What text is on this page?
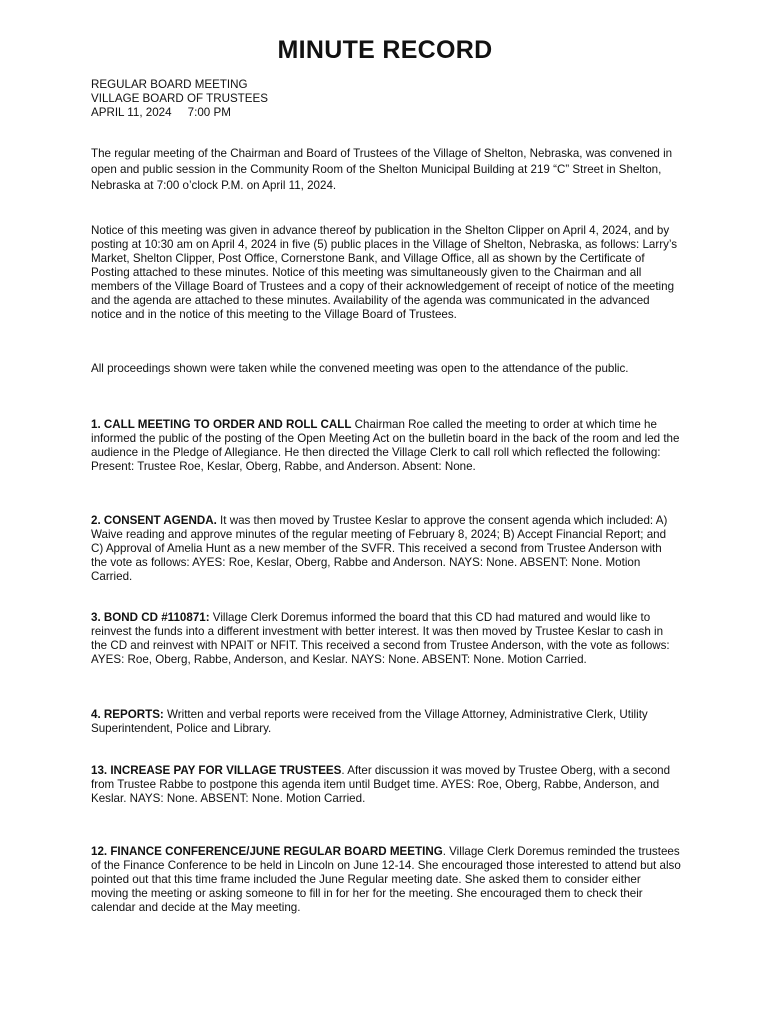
MINUTE RECORD
REGULAR BOARD MEETING
VILLAGE BOARD OF TRUSTEES
APRIL 11, 2024     7:00 PM
The regular meeting of the Chairman and Board of Trustees of the Village of Shelton, Nebraska, was convened in open and public session in the Community Room of the Shelton Municipal Building at 219 “C” Street in Shelton, Nebraska at 7:00 o’clock P.M. on April 11, 2024.
Notice of this meeting was given in advance thereof by publication in the Shelton Clipper on April 4, 2024, and by posting at 10:30 am on April 4, 2024 in five (5) public places in the Village of Shelton, Nebraska, as follows: Larry’s Market, Shelton Clipper, Post Office, Cornerstone Bank, and Village Office, all as shown by the Certificate of Posting attached to these minutes. Notice of this meeting was simultaneously given to the Chairman and all members of the Village Board of Trustees and a copy of their acknowledgement of receipt of notice of the meeting and the agenda are attached to these minutes. Availability of the agenda was communicated in the advanced notice and in the notice of this meeting to the Village Board of Trustees.
All proceedings shown were taken while the convened meeting was open to the attendance of the public.
1. CALL MEETING TO ORDER AND ROLL CALL Chairman Roe called the meeting to order at which time he informed the public of the posting of the Open Meeting Act on the bulletin board in the back of the room and led the audience in the Pledge of Allegiance. He then directed the Village Clerk to call roll which reflected the following: Present: Trustee Roe, Keslar, Oberg, Rabbe, and Anderson. Absent: None.
2. CONSENT AGENDA. It was then moved by Trustee Keslar to approve the consent agenda which included: A) Waive reading and approve minutes of the regular meeting of February 8, 2024; B) Accept Financial Report; and C) Approval of Amelia Hunt as a new member of the SVFR. This received a second from Trustee Anderson with the vote as follows: AYES: Roe, Keslar, Oberg, Rabbe and Anderson. NAYS: None. ABSENT: None. Motion Carried.
3. BOND CD #110871: Village Clerk Doremus informed the board that this CD had matured and would like to reinvest the funds into a different investment with better interest. It was then moved by Trustee Keslar to cash in the CD and reinvest with NPAIT or NFIT. This received a second from Trustee Anderson, with the vote as follows: AYES: Roe, Oberg, Rabbe, Anderson, and Keslar. NAYS: None. ABSENT: None. Motion Carried.
4. REPORTS: Written and verbal reports were received from the Village Attorney, Administrative Clerk, Utility Superintendent, Police and Library.
13. INCREASE PAY FOR VILLAGE TRUSTEES. After discussion it was moved by Trustee Oberg, with a second from Trustee Rabbe to postpone this agenda item until Budget time. AYES: Roe, Oberg, Rabbe, Anderson, and Keslar. NAYS: None. ABSENT: None. Motion Carried.
12. FINANCE CONFERENCE/JUNE REGULAR BOARD MEETING. Village Clerk Doremus reminded the trustees of the Finance Conference to be held in Lincoln on June 12-14. She encouraged those interested to attend but also pointed out that this time frame included the June Regular meeting date. She asked them to consider either moving the meeting or asking someone to fill in for her for the meeting. She encouraged them to check their calendar and decide at the May meeting.
